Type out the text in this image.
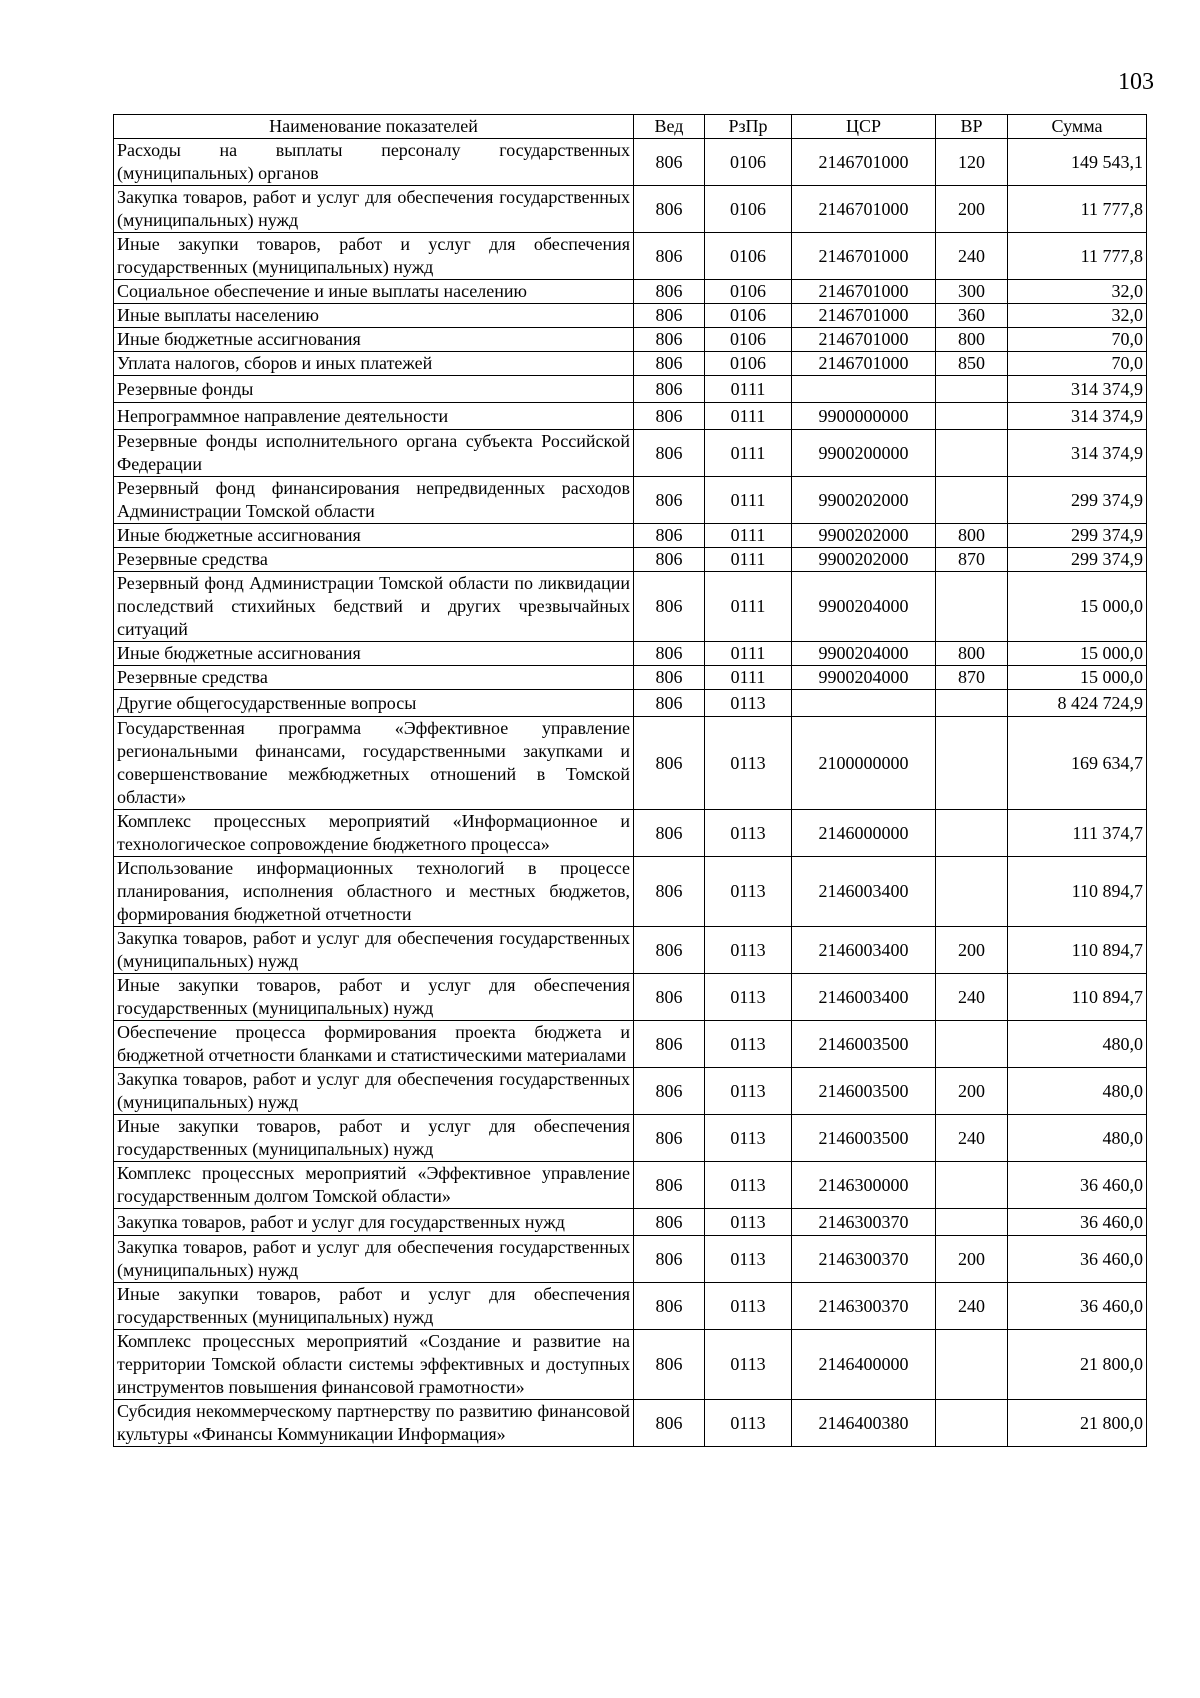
103
Наименование показателей	Вед	РзПр	ЦСР	ВР	Сумма
Расходы на выплаты персоналу государственных (муниципальных) органов	806	0106	2146701000	120	149 543,1
Закупка товаров, работ и услуг для обеспечения государственных (муниципальных) нужд	806	0106	2146701000	200	11 777,8
Иные закупки товаров, работ и услуг для обеспечения государственных (муниципальных) нужд	806	0106	2146701000	240	11 777,8
Социальное обеспечение и иные выплаты населению	806	0106	2146701000	300	32,0
Иные выплаты населению	806	0106	2146701000	360	32,0
Иные бюджетные ассигнования	806	0106	2146701000	800	70,0
Уплата налогов, сборов и иных платежей	806	0106	2146701000	850	70,0
Резервные фонды	806	0111			314 374,9
Непрограммное направление деятельности	806	0111	9900000000		314 374,9
Резервные фонды исполнительного органа субъекта Российской Федерации	806	0111	9900200000		314 374,9
Резервный фонд финансирования непредвиденных расходов Администрации Томской области	806	0111	9900202000		299 374,9
Иные бюджетные ассигнования	806	0111	9900202000	800	299 374,9
Резервные средства	806	0111	9900202000	870	299 374,9
Резервный фонд Администрации Томской области по ликвидации последствий стихийных бедствий и других чрезвычайных ситуаций	806	0111	9900204000		15 000,0
Иные бюджетные ассигнования	806	0111	9900204000	800	15 000,0
Резервные средства	806	0111	9900204000	870	15 000,0
Другие общегосударственные вопросы	806	0113			8 424 724,9
Государственная программа «Эффективное управление региональными финансами, государственными закупками и совершенствование межбюджетных отношений в Томской области»	806	0113	2100000000		169 634,7
Комплекс процессных мероприятий «Информационное и технологическое сопровождение бюджетного процесса»	806	0113	2146000000		111 374,7
Использование информационных технологий в процессе планирования, исполнения областного и местных бюджетов, формирования бюджетной отчетности	806	0113	2146003400		110 894,7
Закупка товаров, работ и услуг для обеспечения государственных (муниципальных) нужд	806	0113	2146003400	200	110 894,7
Иные закупки товаров, работ и услуг для обеспечения государственных (муниципальных) нужд	806	0113	2146003400	240	110 894,7
Обеспечение процесса формирования проекта бюджета и бюджетной отчетности бланками и статистическими материалами	806	0113	2146003500		480,0
Закупка товаров, работ и услуг для обеспечения государственных (муниципальных) нужд	806	0113	2146003500	200	480,0
Иные закупки товаров, работ и услуг для обеспечения государственных (муниципальных) нужд	806	0113	2146003500	240	480,0
Комплекс процессных мероприятий «Эффективное управление государственным долгом Томской области»	806	0113	2146300000		36 460,0
Закупка товаров, работ и услуг для государственных нужд	806	0113	2146300370		36 460,0
Закупка товаров, работ и услуг для обеспечения государственных (муниципальных) нужд	806	0113	2146300370	200	36 460,0
Иные закупки товаров, работ и услуг для обеспечения государственных (муниципальных) нужд	806	0113	2146300370	240	36 460,0
Комплекс процессных мероприятий «Создание и развитие на территории Томской области системы эффективных и доступных инструментов повышения финансовой грамотности»	806	0113	2146400000		21 800,0
Субсидия некоммерческому партнерству по развитию финансовой культуры «Финансы Коммуникации Информация»	806	0113	2146400380		21 800,0
